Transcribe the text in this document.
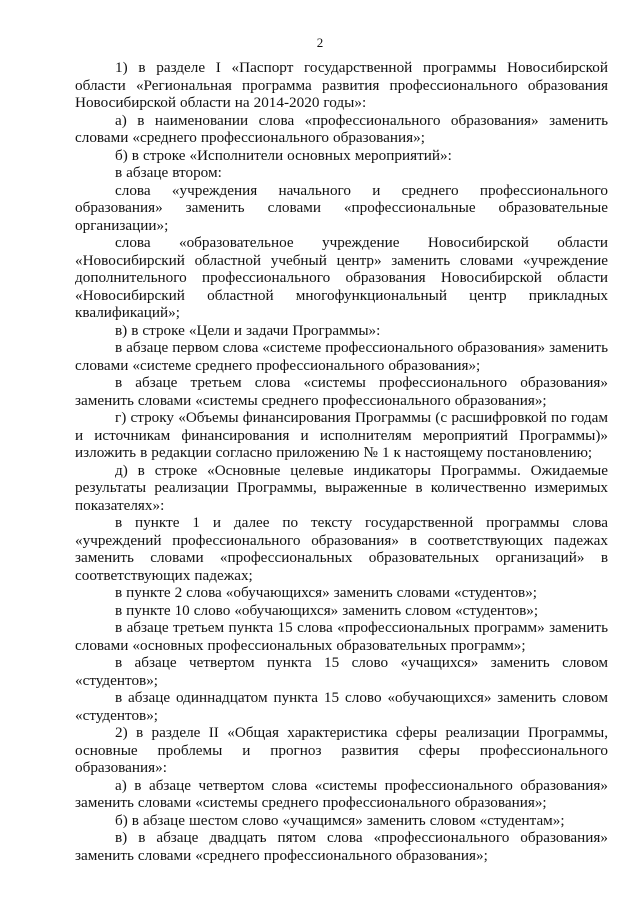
2

1) в разделе I «Паспорт государственной программы Новосибирской области «Региональная программа развития профессионального образования Новосибирской области на 2014-2020 годы»:

а) в наименовании слова «профессионального образования» заменить словами «среднего профессионального образования»;

б) в строке «Исполнители основных мероприятий»:

в абзаце втором:

слова «учреждения начального и среднего профессионального образования» заменить словами «профессиональные образовательные организации»;

слова «образовательное учреждение Новосибирской области «Новосибирский областной учебный центр» заменить словами «учреждение дополнительного профессионального образования Новосибирской области «Новосибирский областной многофункциональный центр прикладных квалификаций»;

в) в строке «Цели и задачи Программы»:

в абзаце первом слова «системе профессионального образования» заменить словами «системе среднего профессионального образования»;

в абзаце третьем слова «системы профессионального образования» заменить словами «системы среднего профессионального образования»;

г) строку «Объемы финансирования Программы (с расшифровкой по годам и источникам финансирования и исполнителям мероприятий Программы)» изложить в редакции согласно приложению № 1 к настоящему постановлению;

д) в строке «Основные целевые индикаторы Программы. Ожидаемые результаты реализации Программы, выраженные в количественно измеримых показателях»:

в пункте 1 и далее по тексту государственной программы слова «учреждений профессионального образования» в соответствующих падежах заменить словами «профессиональных образовательных организаций» в соответствующих падежах;

в пункте 2 слова «обучающихся» заменить словами «студентов»;

в пункте 10 слово «обучающихся» заменить словом «студентов»;

в абзаце третьем пункта 15 слова «профессиональных программ» заменить словами «основных профессиональных образовательных программ»;

в абзаце четвертом пункта 15 слово «учащихся» заменить словом «студентов»;

в абзаце одиннадцатом пункта 15 слово «обучающихся» заменить словом «студентов»;

2) в разделе II «Общая характеристика сферы реализации Программы, основные проблемы и прогноз развития сферы профессионального образования»:

а) в абзаце четвертом слова «системы профессионального образования» заменить словами «системы среднего профессионального образования»;

б) в абзаце шестом слово «учащимся» заменить словом «студентам»;

в) в абзаце двадцать пятом слова «профессионального образования» заменить словами «среднего профессионального образования»;
